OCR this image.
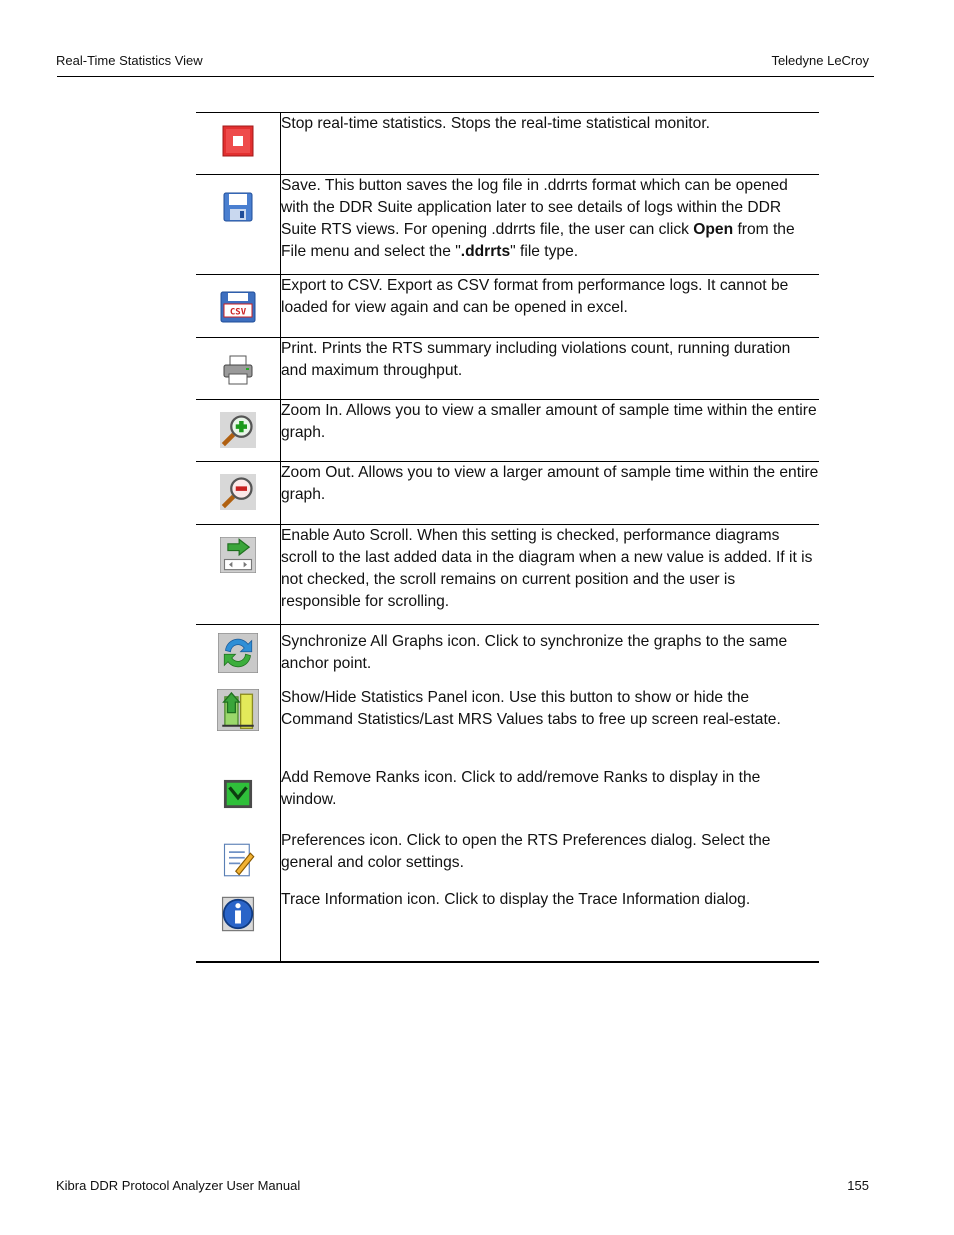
Real-Time Statistics View	Teledyne LeCroy
	Stop real-time statistics. Stops the real-time statistical monitor.

	Save. This button saves the log file in .ddrrts format which can be opened with the DDR Suite application later to see details of logs within the DDR Suite RTS views. For opening .ddrrts file, the user can click Open from the File menu and select the ".ddrrts" file type.

CSV	Export to CSV. Export as CSV format from performance logs. It cannot be loaded for view again and can be opened in excel.

	Print. Prints the RTS summary including violations count, running duration and maximum throughput.

	Zoom In. Allows you to view a smaller amount of sample time within the entire graph.

	Zoom Out. Allows you to view a larger amount of sample time within the entire graph.

	Enable Auto Scroll. When this setting is checked, performance diagrams scroll to the last added data in the diagram when a new value is added. If it is not checked, the scroll remains on current position and the user is responsible for scrolling.

	Synchronize All Graphs icon. Click to synchronize the graphs to the same anchor point.

	Show/Hide Statistics Panel icon. Use this button to show or hide the Command Statistics/Last MRS Values tabs to free up screen real-estate.

	Add Remove Ranks icon. Click to add/remove Ranks to display in the window.

	Preferences icon. Click to open the RTS Preferences dialog. Select the general and color settings.

	Trace Information icon. Click to display the Trace Information dialog.
Kibra DDR Protocol Analyzer User Manual	155
